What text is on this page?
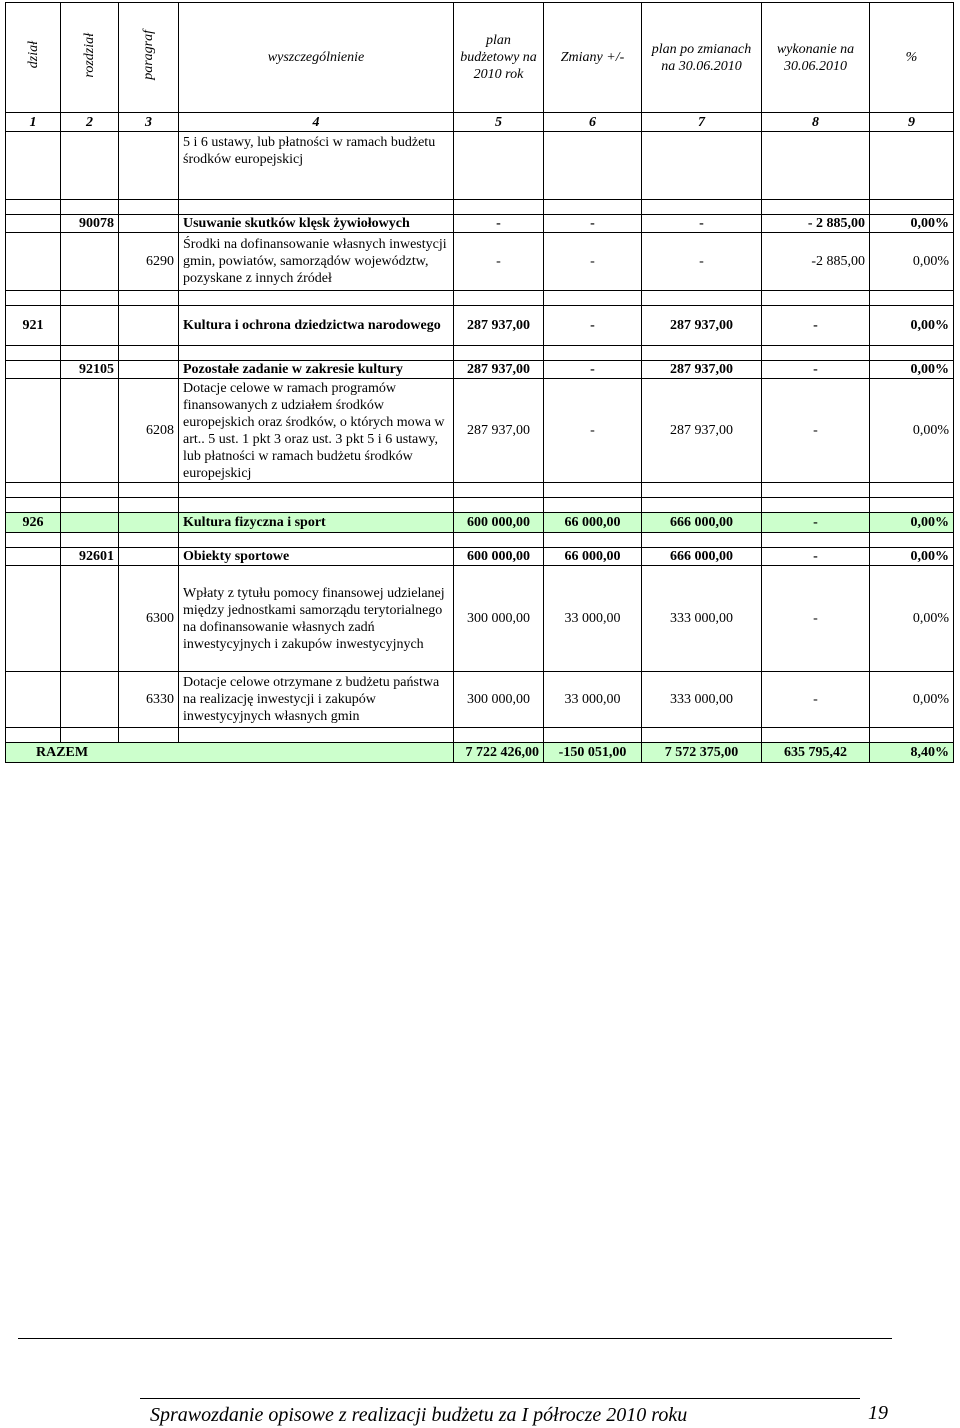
dział	rozdział	paragraf	wyszczególnienie	plan budżetowy na 2010 rok	Zmiany +/-	plan po zmianach na 30.06.2010	wykonanie na 30.06.2010	%
1	2	3	4	5	6	7	8	9
			5 i 6 ustawy, lub płatności w ramach budżetu środków europejskicj					

	90078		Usuwanie skutków klęsk żywiołowych	-	-	-	- 2 885,00	0,00%
		6290	Środki na dofinansowanie własnych inwestycji gmin, powiatów, samorządów województw, pozyskane z innych źródeł	-	-	-	-2 885,00	0,00%

921			Kultura i ochrona dziedzictwa narodowego	287 937,00	-	287 937,00	-	0,00%

	92105		Pozostałe zadanie w zakresie kultury	287 937,00	-	287 937,00	-	0,00%
		6208	Dotacje celowe w ramach programów finansowanych z udziałem środków europejskich oraz środków, o których mowa w art.. 5 ust. 1 pkt 3 oraz ust. 3 pkt 5 i 6 ustawy, lub płatności w ramach budżetu środków europejskicj	287 937,00	-	287 937,00	-	0,00%

926			Kultura fizyczna i sport	600 000,00	66 000,00	666 000,00	-	0,00%

	92601		Obiekty sportowe	600 000,00	66 000,00	666 000,00	-	0,00%
		6300	Wpłaty z tytułu pomocy finansowej udzielanej między jednostkami samorządu terytorialnego na dofinansowanie własnych zadń inwestycyjnych i zakupów inwestycyjnych	300 000,00	33 000,00	333 000,00	-	0,00%
		6330	Dotacje celowe otrzymane z budżetu państwa na realizację inwestycji i zakupów inwestycyjnych własnych gmin	300 000,00	33 000,00	333 000,00	-	0,00%

RAZEM				7 722 426,00	-150 051,00	7 572 375,00	635 795,42	8,40%
Sprawozdanie opisowe z realizacji budżetu za I półrocze 2010 roku	19
